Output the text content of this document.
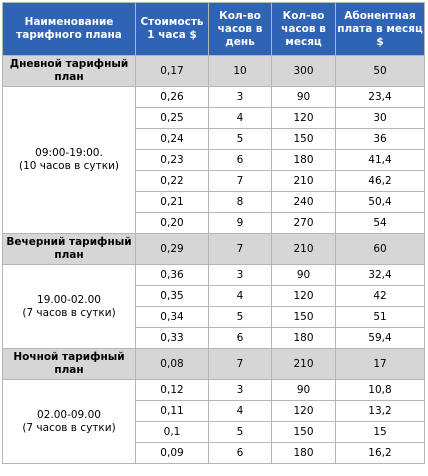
Наименование тарифного плана	Стоимость 1 часа $	Кол-во часов в день	Кол-во часов в месяц	Абонентная плата в месяц $
Дневной тарифный план	0,17	10	300	50

09:00-19:00.
(10 часов в сутки)	0,26	3	90	23,4
	0,25	4	120	30
	0,24	5	150	36
	0,23	6	180	41,4
	0,22	7	210	46,2
	0,21	8	240	50,4
	0,20	9	270	54
Вечерний тарифный план	0,29	7	210	60

19.00-02.00
(7 часов в сутки)	0,36	3	90	32,4
	0,35	4	120	42
	0,34	5	150	51
	0,33	6	180	59,4
Ночной тарифный план	0,08	7	210	17

02.00-09.00
(7 часов в сутки)	0,12	3	90	10,8
	0,11	4	120	13,2
	0,1	5	150	15
	0,09	6	180	16,2
